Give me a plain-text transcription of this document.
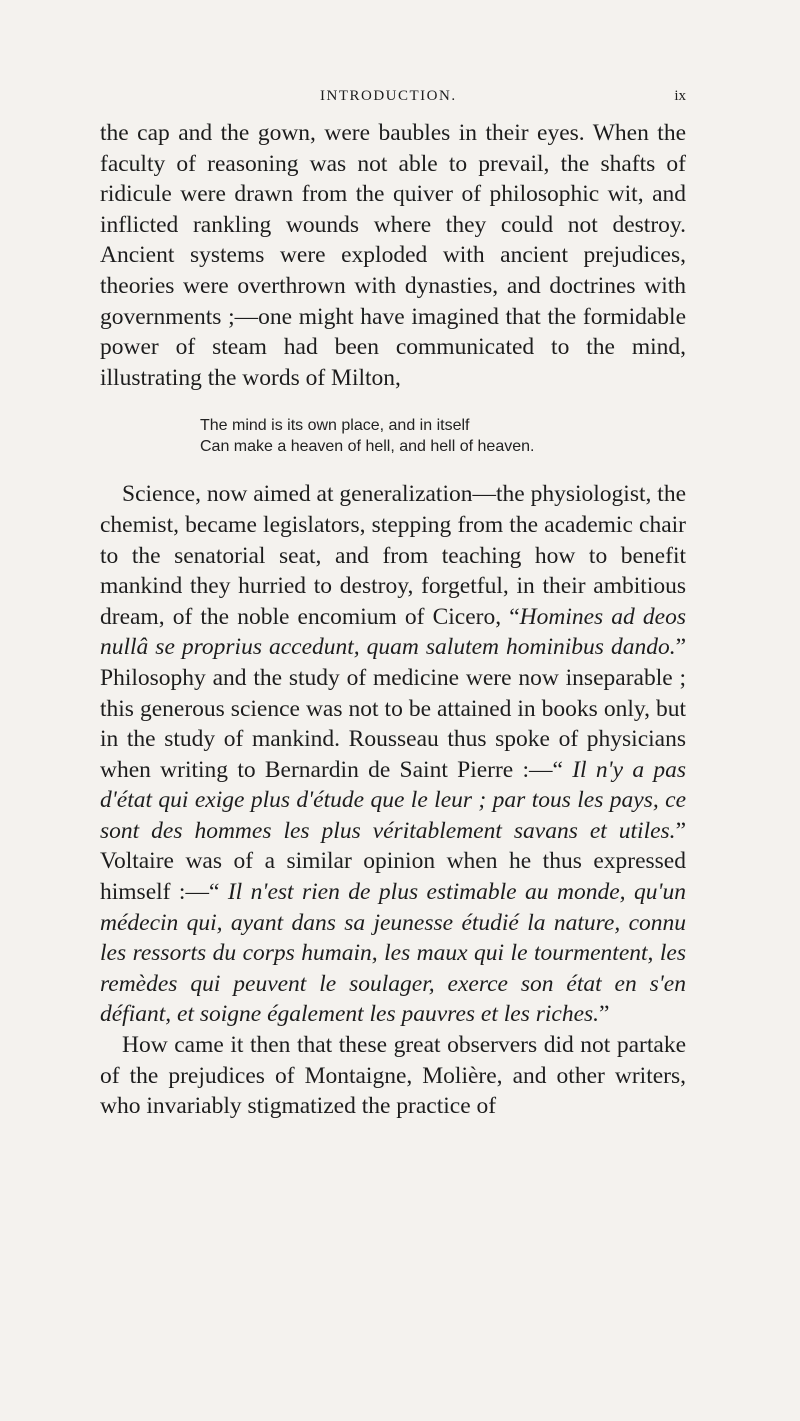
INTRODUCTION.	ix

the cap and the gown, were baubles in their eyes. When the faculty of reasoning was not able to prevail, the shafts of ridicule were drawn from the quiver of philosophic wit, and inflicted rankling wounds where they could not destroy. Ancient systems were exploded with ancient prejudices, theories were overthrown with dynasties, and doctrines with governments ;—one might have imagined that the formidable power of steam had been communicated to the mind, illustrating the words of Milton,

The mind is its own place, and in itself
Can make a heaven of hell, and hell of heaven.

Science, now aimed at generalization—the physiologist, the chemist, became legislators, stepping from the academic chair to the senatorial seat, and from teaching how to benefit mankind they hurried to destroy, forgetful, in their ambitious dream, of the noble encomium of Cicero, “Homines ad deos nullâ se proprius accedunt, quam salutem hominibus dando.” Philosophy and the study of medicine were now inseparable ; this generous science was not to be attained in books only, but in the study of mankind. Rousseau thus spoke of physicians when writing to Bernardin de Saint Pierre :—“ Il n'y a pas d'état qui exige plus d'étude que le leur ; par tous les pays, ce sont des hommes les plus véritablement savans et utiles.” Voltaire was of a similar opinion when he thus expressed himself :—“ Il n'est rien de plus estimable au monde, qu'un médecin qui, ayant dans sa jeunesse étudié la nature, connu les ressorts du corps humain, les maux qui le tourmentent, les remèdes qui peuvent le soulager, exerce son état en s'en défiant, et soigne également les pauvres et les riches.”

How came it then that these great observers did not partake of the prejudices of Montaigne, Molière, and other writers, who invariably stigmatized the practice of
